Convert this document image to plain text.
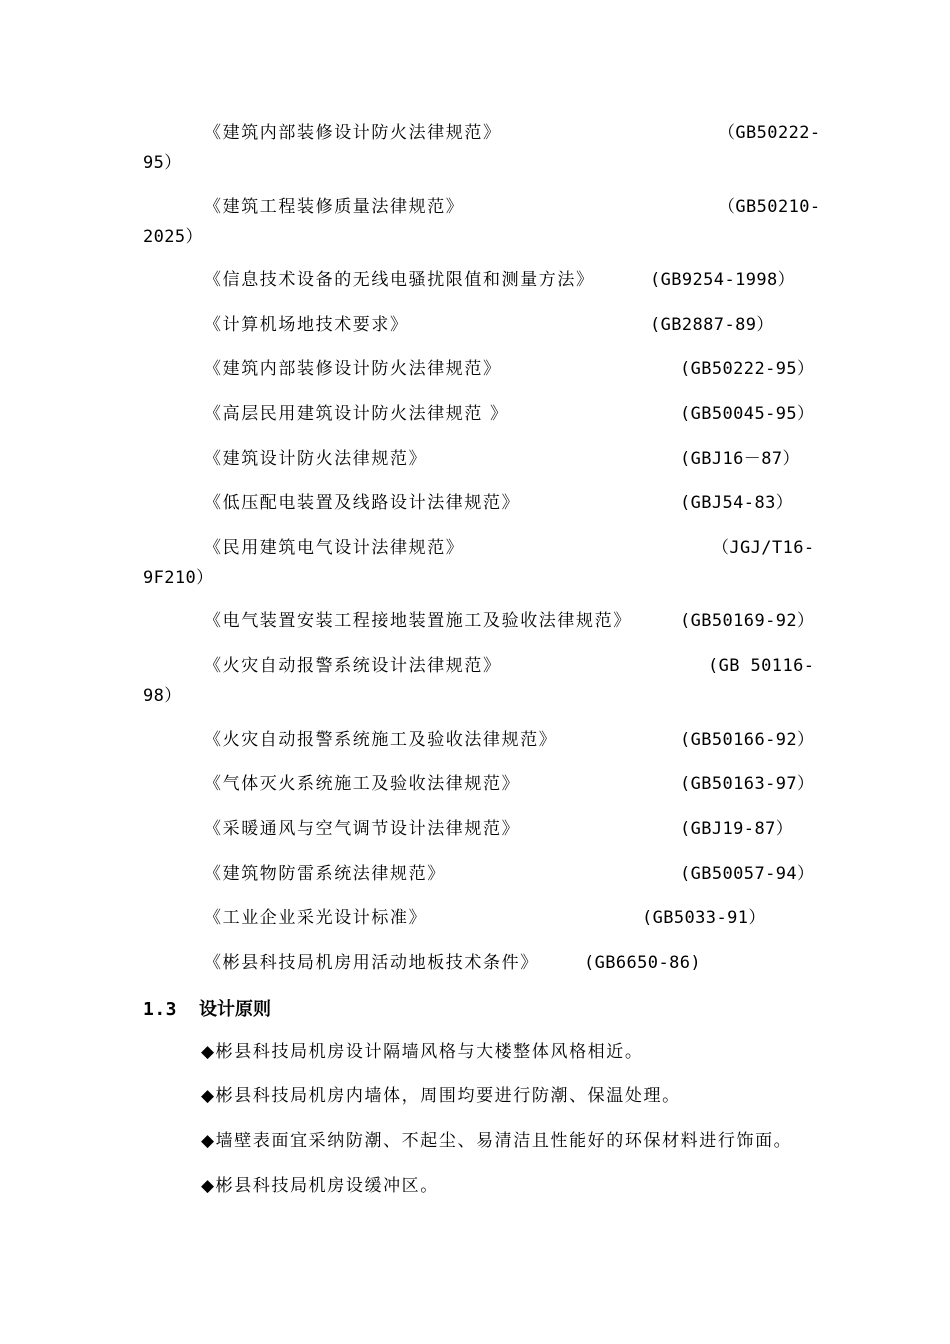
《建筑内部装修设计防火法律规范》	（GB50222-
95）
《建筑工程装修质量法律规范》	（GB50210-
2025）
《信息技术设备的无线电骚扰限值和测量方法》	(GB9254-1998）
《计算机场地技术要求》	(GB2887-89）
《建筑内部装修设计防火法律规范》	(GB50222-95）
《高层民用建筑设计防火法律规范 》	(GB50045-95）
《建筑设计防火法律规范》	(GBJ16－87）
《低压配电装置及线路设计法律规范》	(GBJ54-83）
《民用建筑电气设计法律规范》	（JGJ/T16-
9F210）
《电气装置安装工程接地装置施工及验收法律规范》	(GB50169-92）
《火灾自动报警系统设计法律规范》	(GB 50116-
98）
《火灾自动报警系统施工及验收法律规范》	(GB50166-92）
《气体灭火系统施工及验收法律规范》	(GB50163-97）
《采暖通风与空气调节设计法律规范》	(GBJ19-87）
《建筑物防雷系统法律规范》	(GB50057-94）
《工业企业采光设计标准》	(GB5033-91）
《彬县科技局机房用活动地板技术条件》	(GB6650-86)
1.3 设计原则
◆彬县科技局机房设计隔墙风格与大楼整体风格相近。
◆彬县科技局机房内墙体，周围均要进行防潮、保温处理。
◆墙壁表面宜采纳防潮、不起尘、易清洁且性能好的环保材料进行饰面。
◆彬县科技局机房设缓冲区。
